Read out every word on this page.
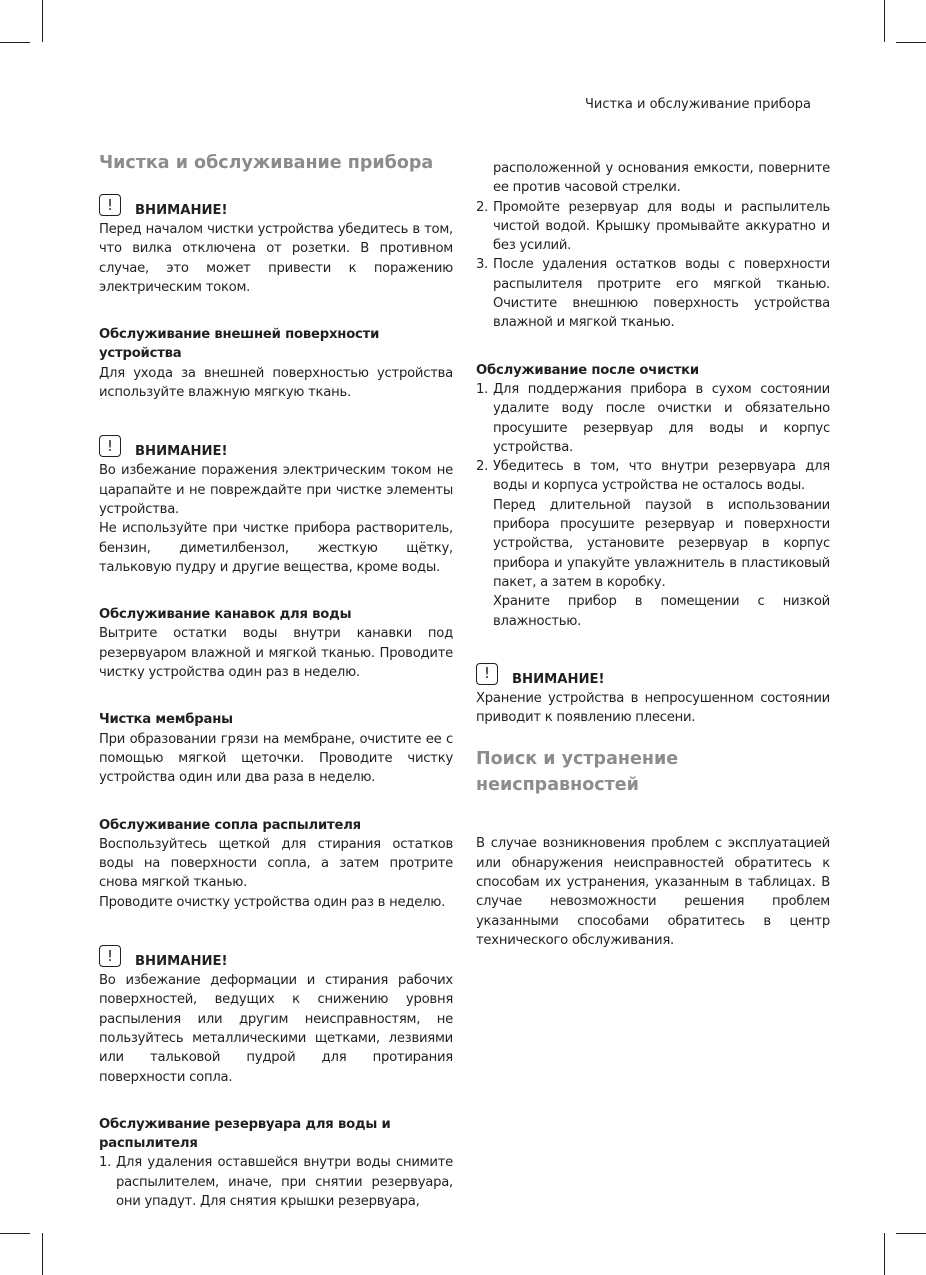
Чистка и обслуживание прибора

Чистка и обслуживание прибора
!	ВНИМАНИЕ!

Перед началом чистки устройства убедитесь в том, что вилка отключена от розетки. В противном случае, это может привести к поражению электрическим током.

Обслуживание внешней поверхности устройства

Для ухода за внешней поверхностью устройства используйте влажную мягкую ткань.

!	ВНИМАНИЕ!

Во избежание поражения электрическим током не царапайте и не повреждайте при чистке элементы устройства.

Не используйте при чистке прибора растворитель, бензин, диметилбензол, жесткую щётку, тальковую пудру и другие вещества, кроме воды.

Обслуживание канавок для воды

Вытрите остатки воды внутри канавки под резервуаром влажной и мягкой тканью. Проводите чистку устройства один раз в неделю.

Чистка мембраны

При образовании грязи на мембране, очистите ее с помощью мягкой щеточки. Проводите чистку устройства один или два раза в неделю.

Обслуживание сопла распылителя

Воспользуйтесь щеткой для стирания остатков воды на поверхности сопла, а затем протрите снова мягкой тканью.

Проводите очистку устройства один раз в неделю.

!	ВНИМАНИЕ!

Во избежание деформации и стирания рабочих поверхностей, ведущих к снижению уровня распыления или другим неисправностям, не пользуйтесь металлическими щетками, лезвиями или тальковой пудрой для протирания поверхности сопла.

Обслуживание резервуара для воды и распылителя
1. Для удаления оставшейся внутри воды снимите распылителем, иначе, при снятии резервуара, они упадут. Для снятия крышки резервуара,

расположенной у основания емкости, поверните ее против часовой стрелки.

2. Промойте резервуар для воды и распылитель чистой водой. Крышку промывайте аккуратно и без усилий.

3. После удаления остатков воды с поверхности распылителя протрите его мягкой тканью. Очистите внешнюю поверхность устройства влажной и мягкой тканью.

Обслуживание после очистки
1. Для поддержания прибора в сухом состоянии удалите воду после очистки и обязательно просушите резервуар для воды и корпус устройства.

2. Убедитесь в том, что внутри резервуара для воды и корпуса устройства не осталось воды.

Перед длительной паузой в использовании прибора просушите резервуар и поверхности устройства, установите резервуар в корпус прибора и упакуйте увлажнитель в пластиковый пакет, а затем в коробку.

Храните прибор в помещении с низкой влажностью.

!	ВНИМАНИЕ!

Хранение устройства в непросушенном состоянии приводит к появлению плесени.

Поиск и устранение неисправностей

В случае возникновения проблем с эксплуатацией или обнаружения неисправностей обратитесь к способам их устранения, указанным в таблицах. В случае невозможности решения проблем указанными способами обратитесь в центр технического обслуживания.
